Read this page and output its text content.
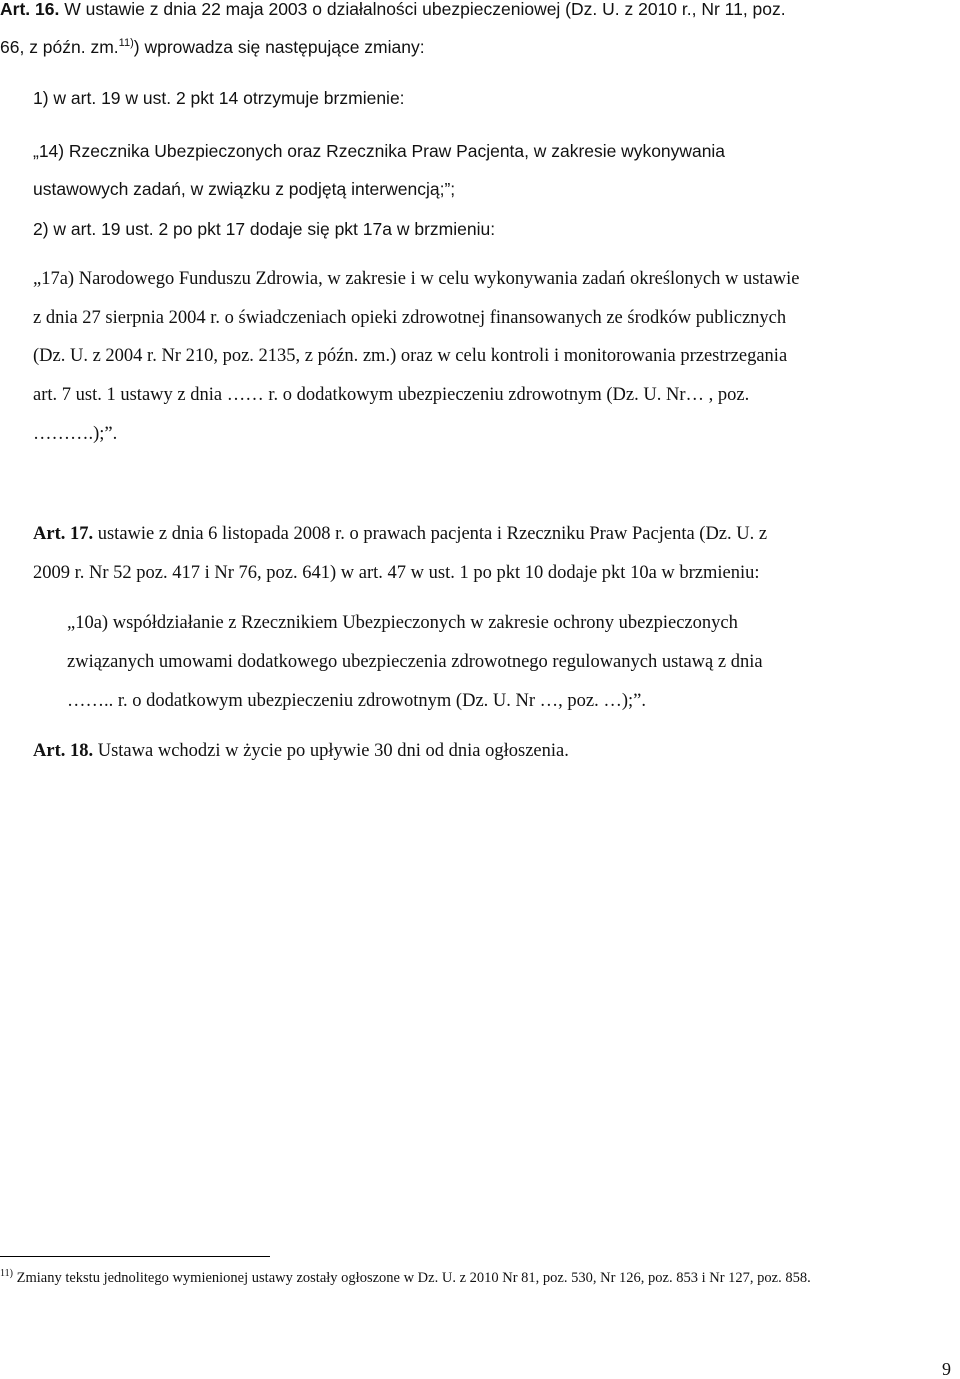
Art. 16. W ustawie z dnia 22 maja 2003 o działalności ubezpieczeniowej (Dz. U. z 2010 r., Nr 11, poz.
66, z późn. zm.$^{11)}$) wprowadza się następujące zmiany:
1) w art. 19 w ust. 2 pkt 14 otrzymuje brzmienie:
„14) Rzecznika Ubezpieczonych oraz Rzecznika Praw Pacjenta, w zakresie wykonywania
ustawowych zadań, w związku z podjętą interwencją;”;
2) w art. 19 ust. 2 po pkt 17 dodaje się pkt 17a w brzmieniu:
„17a) Narodowego Funduszu Zdrowia, w zakresie i w celu wykonywania zadań określonych w ustawie
z dnia 27 sierpnia 2004 r. o świadczeniach opieki zdrowotnej finansowanych ze środków publicznych
(Dz. U. z 2004 r. Nr 210, poz. 2135, z późn. zm.) oraz w celu kontroli i monitorowania przestrzegania
art. 7 ust. 1 ustawy z dnia …… r. o dodatkowym ubezpieczeniu zdrowotnym (Dz. U. Nr… , poz.
……….);”.
Art. 17. ustawie z dnia 6 listopada 2008 r. o prawach pacjenta i Rzeczniku Praw Pacjenta (Dz. U. z
2009 r. Nr 52 poz. 417 i Nr 76, poz. 641) w art. 47 w ust. 1 po pkt 10 dodaje pkt 10a w brzmieniu:
„10a) współdziałanie z Rzecznikiem Ubezpieczonych w zakresie ochrony ubezpieczonych
związanych umowami dodatkowego ubezpieczenia zdrowotnego regulowanych ustawą z dnia
…….. r. o dodatkowym ubezpieczeniu zdrowotnym (Dz. U. Nr …, poz. …);”.
Art. 18. Ustawa wchodzi w życie po upływie 30 dni od dnia ogłoszenia.
$^{11)}$ Zmiany tekstu jednolitego wymienionej ustawy zostały ogłoszone w Dz. U. z 2010 Nr 81, poz. 530, Nr 126, poz. 853 i Nr 127, poz. 858.
9
